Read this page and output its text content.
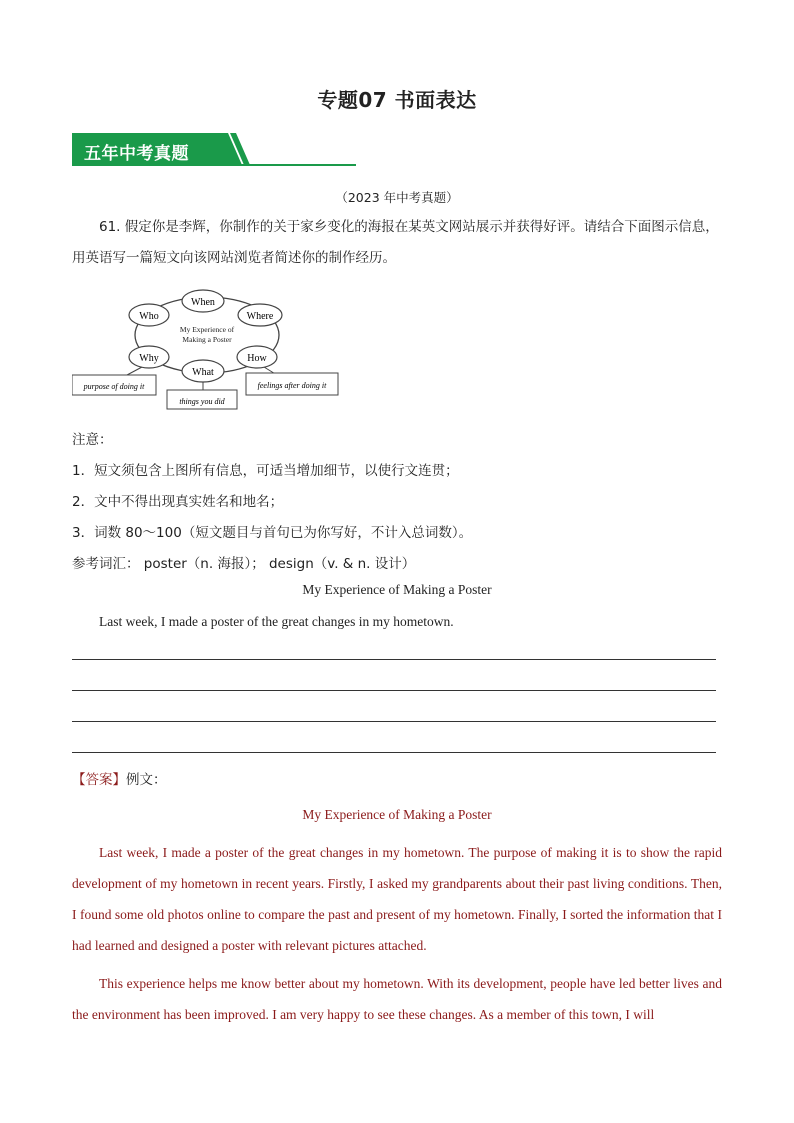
专题07 书面表达
五年中考真题
（2023 年中考真题）
61. 假定你是李辉，你制作的关于家乡变化的海报在某英文网站展示并获得好评。请结合下面图示信息，用英语写一篇短文向该网站浏览者简述你的制作经历。
My Experience of
Making a Poster
When
Who	Where
Why	How
What
purpose of doing it
things you did
feelings after doing it
注意：
1．短文须包含上图所有信息，可适当增加细节，以使行文连贯；
2．文中不得出现真实姓名和地名；
3．词数 80～100（短文题目与首句已为你写好，不计入总词数）。
参考词汇： poster（n. 海报）； design（v. & n. 设计）
My Experience of Making a Poster
Last week, I made a poster of the great changes in my hometown.
【答案】例文：
My Experience of Making a Poster
Last week, I made a poster of the great changes in my hometown. The purpose of making it is to show the rapid development of my hometown in recent years. Firstly, I asked my grandparents about their past living conditions. Then, I found some old photos online to compare the past and present of my hometown. Finally, I sorted the information that I had learned and designed a poster with relevant pictures attached.
This experience helps me know better about my hometown. With its development, people have led better lives and the environment has been improved. I am very happy to see these changes. As a member of this town, I will
